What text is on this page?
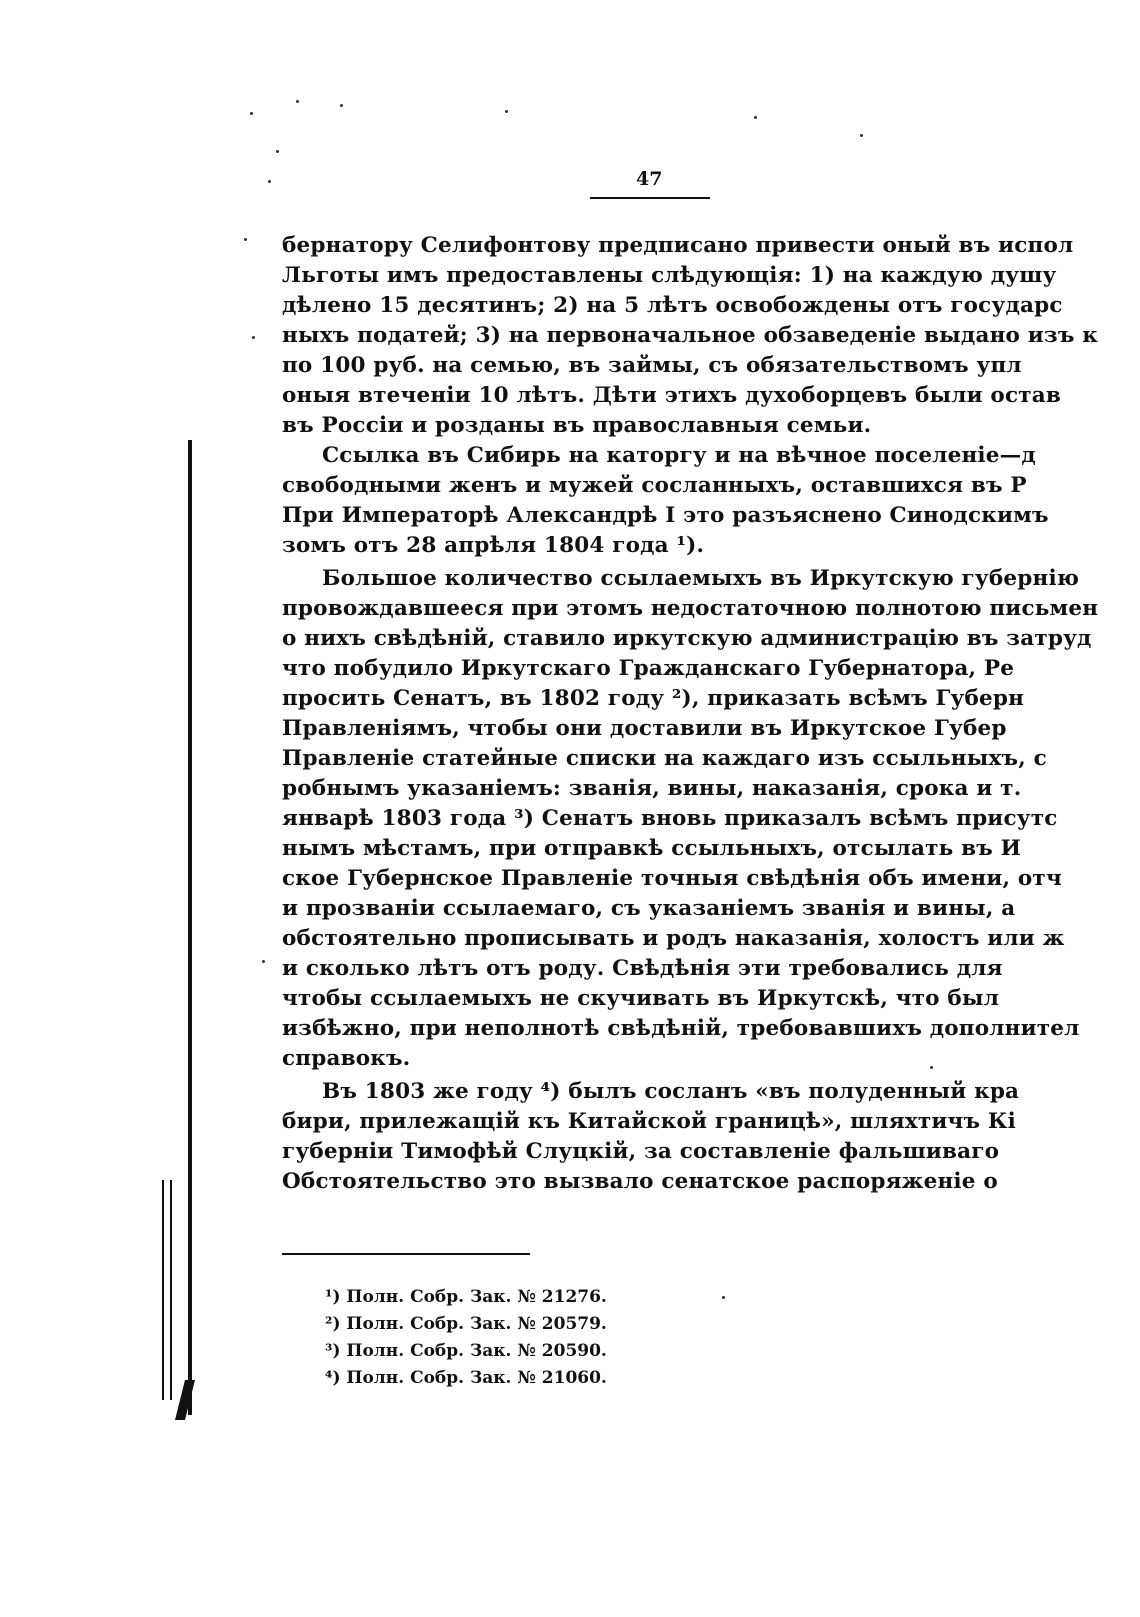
47
бернатору Селифонтову предписано привести оный въ испол
Льготы имъ предоставлены слѣдующія: 1) на каждую душу
дѣлено 15 десятинъ; 2) на 5 лѣтъ освобождены отъ государс
ныхъ податей; 3) на первоначальное обзаведеніе выдано изъ к
по 100 руб. на семью, въ займы, съ обязательствомъ упл
оныя втеченіи 10 лѣтъ. Дѣти этихъ духоборцевъ были остав
въ Россіи и розданы въ православныя семьи.
Ссылка въ Сибирь на каторгу и на вѣчное поселеніе—д
свободными женъ и мужей сосланныхъ, оставшихся въ Р
При Императорѣ Александрѣ I это разъяснено Синодскимъ
зомъ отъ 28 апрѣля 1804 года ¹).
Большое количество ссылаемыхъ въ Иркутскую губернію
провождавшееся при этомъ недостаточною полнотою письмен
о нихъ свѣдѣній, ставило иркутскую администрацію въ затруд
что побудило Иркутскаго Гражданскаго Губернатора, Ре
просить Сенатъ, въ 1802 году ²), приказать всѣмъ Губерн
Правленіямъ, чтобы они доставили въ Иркутское Губер
Правленіе статейные списки на каждаго изъ ссыльныхъ, с
робнымъ указаніемъ: званія, вины, наказанія, срока и т.
январѣ 1803 года ³) Сенатъ вновь приказалъ всѣмъ присутс
нымъ мѣстамъ, при отправкѣ ссыльныхъ, отсылать въ И
ское Губернское Правленіе точныя свѣдѣнія объ имени, отч
и прозваніи ссылаемаго, съ указаніемъ званія и вины, а
обстоятельно прописывать и родъ наказанія, холостъ или ж
и сколько лѣтъ отъ роду. Свѣдѣнія эти требовались для
чтобы ссылаемыхъ не скучивать въ Иркутскѣ, что был
избѣжно, при неполнотѣ свѣдѣній, требовавшихъ дополнител
справокъ.
Въ 1803 же году ⁴) былъ сосланъ «въ полуденный кра
бири, прилежащій къ Китайской границѣ», шляхтичъ Кі
губерніи Тимофѣй Слуцкій, за составленіе фальшиваго
Обстоятельство это вызвало сенатское распоряженіе о
¹) Полн. Собр. Зак. № 21276.
²) Полн. Собр. Зак. № 20579.
³) Полн. Собр. Зак. № 20590.
⁴) Полн. Собр. Зак. № 21060.
